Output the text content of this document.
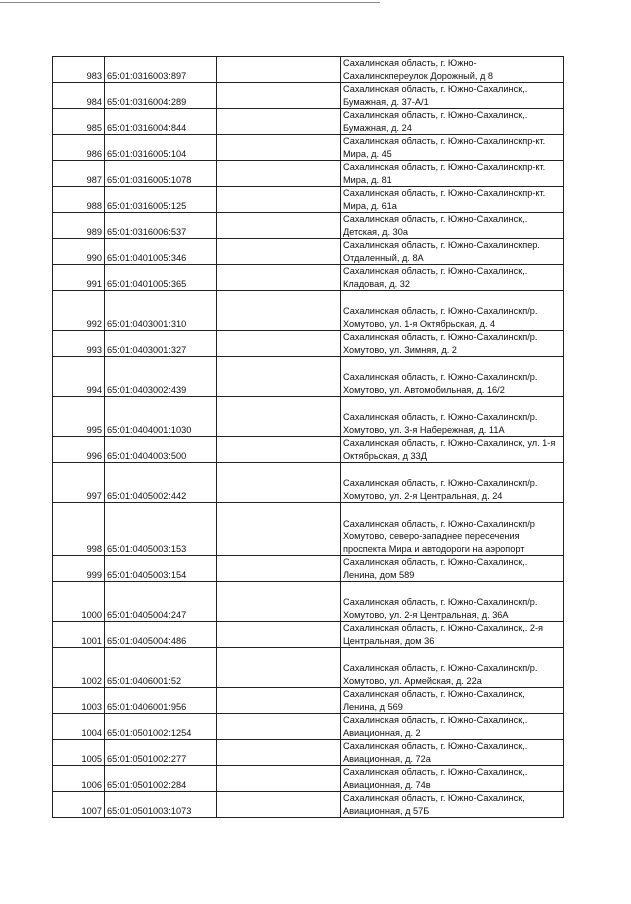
983	65:01:0316003:897		Сахалинская область, г. Южно-Сахалинскпереулок Дорожный, д 8
984	65:01:0316004:289		Сахалинская область, г. Южно-Сахалинск,. Бумажная, д. 37-А/1
985	65:01:0316004:844		Сахалинская область, г. Южно-Сахалинск,. Бумажная, д. 24
986	65:01:0316005:104		Сахалинская область, г. Южно-Сахалинскпр-кт. Мира, д. 45
987	65:01:0316005:1078		Сахалинская область, г. Южно-Сахалинскпр-кт. Мира, д. 81
988	65:01:0316005:125		Сахалинская область, г. Южно-Сахалинскпр-кт. Мира, д. 61а
989	65:01:0316006:537		Сахалинская область, г. Южно-Сахалинск,. Детская, д. 30а
990	65:01:0401005:346		Сахалинская область, г. Южно-Сахалинскпер. Отдаленный, д. 8А
991	65:01:0401005:365		Сахалинская область, г. Южно-Сахалинск,. Кладовая, д. 32
992	65:01:0403001:310		Сахалинская область, г. Южно-Сахалинскп/р. Хомутово, ул. 1-я Октябрьская, д. 4
993	65:01:0403001:327		Сахалинская область, г. Южно-Сахалинскп/р. Хомутово, ул. Зимняя, д. 2
994	65:01:0403002:439		Сахалинская область, г. Южно-Сахалинскп/р. Хомутово, ул. Автомобильная, д. 16/2
995	65:01:0404001:1030		Сахалинская область, г. Южно-Сахалинскп/р. Хомутово, ул. 3-я Набережная, д. 11А
996	65:01:0404003:500		Сахалинская область, г. Южно-Сахалинск, ул. 1-я Октябрьская, д 33Д
997	65:01:0405002:442		Сахалинская область, г. Южно-Сахалинскп/р. Хомутово, ул. 2-я Центральная, д. 24
998	65:01:0405003:153		Сахалинская область, г. Южно-Сахалинскп/р Хомутово, северо-западнее пересечения проспекта Мира и автодороги на аэропорт
999	65:01:0405003:154		Сахалинская область, г. Южно-Сахалинск,. Ленина, дом 589
1000	65:01:0405004:247		Сахалинская область, г. Южно-Сахалинскп/р. Хомутово, ул. 2-я Центральная, д. 36А
1001	65:01:0405004:486		Сахалинская область, г. Южно-Сахалинск,. 2-я Центральная, дом 36
1002	65:01:0406001:52		Сахалинская область, г. Южно-Сахалинскп/р. Хомутово, ул. Армейская, д. 22а
1003	65:01:0406001:956		Сахалинская область, г. Южно-Сахалинск, Ленина, д 569
1004	65:01:0501002:1254		Сахалинская область, г. Южно-Сахалинск,. Авиационная, д. 2
1005	65:01:0501002:277		Сахалинская область, г. Южно-Сахалинск,. Авиационная, д. 72а
1006	65:01:0501002:284		Сахалинская область, г. Южно-Сахалинск,. Авиационная, д. 74в
1007	65:01:0501003:1073		Сахалинская область, г. Южно-Сахалинск, Авиационная, д 57Б
